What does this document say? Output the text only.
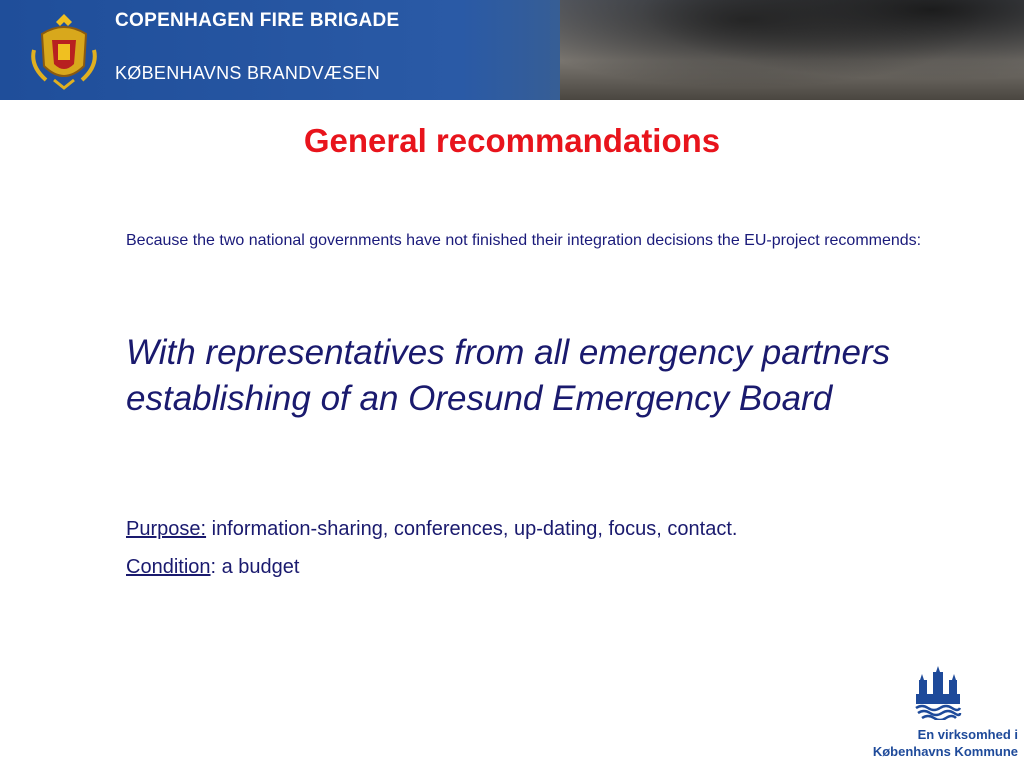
COPENHAGEN FIRE BRIGADE
KØBENHAVNS BRANDVÆSEN
General recommandations
Because the two national governments have not finished their integration decisions the EU-project recommends:
With representatives from all emergency partners establishing of an Oresund Emergency Board
Purpose: information-sharing, conferences, up-dating, focus, contact.
Condition: a budget
En virksomhed i
Københavns Kommune
